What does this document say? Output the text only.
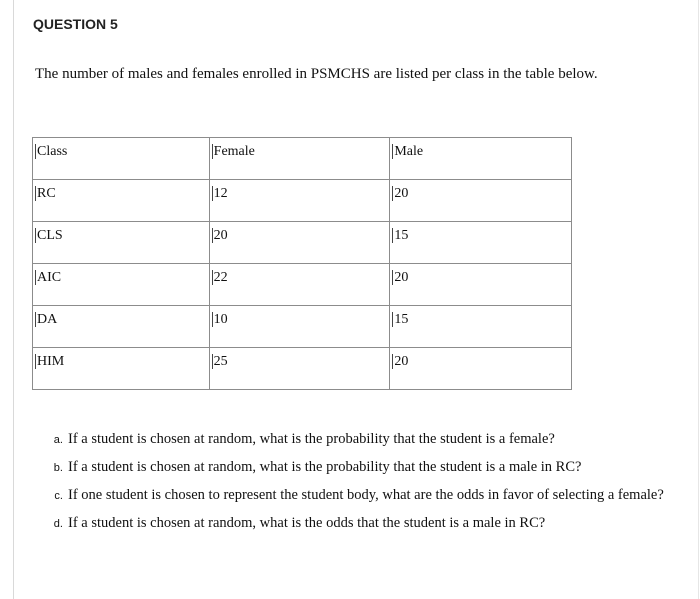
QUESTION 5
The number of males and females enrolled in PSMCHS are listed per class in the table below.
Class	Female	Male
RC	12	20
CLS	20	15
AIC	22	20
DA	10	15
HIM	25	20
a. If a student is chosen at random, what is the probability that the student is a female?
b. If a student is chosen at random, what is the probability that the student is a male in RC?
c. If one student is chosen to represent the student body, what are the odds in favor of selecting a female?
d. If a student is chosen at random, what is the odds that the student is a male in RC?
